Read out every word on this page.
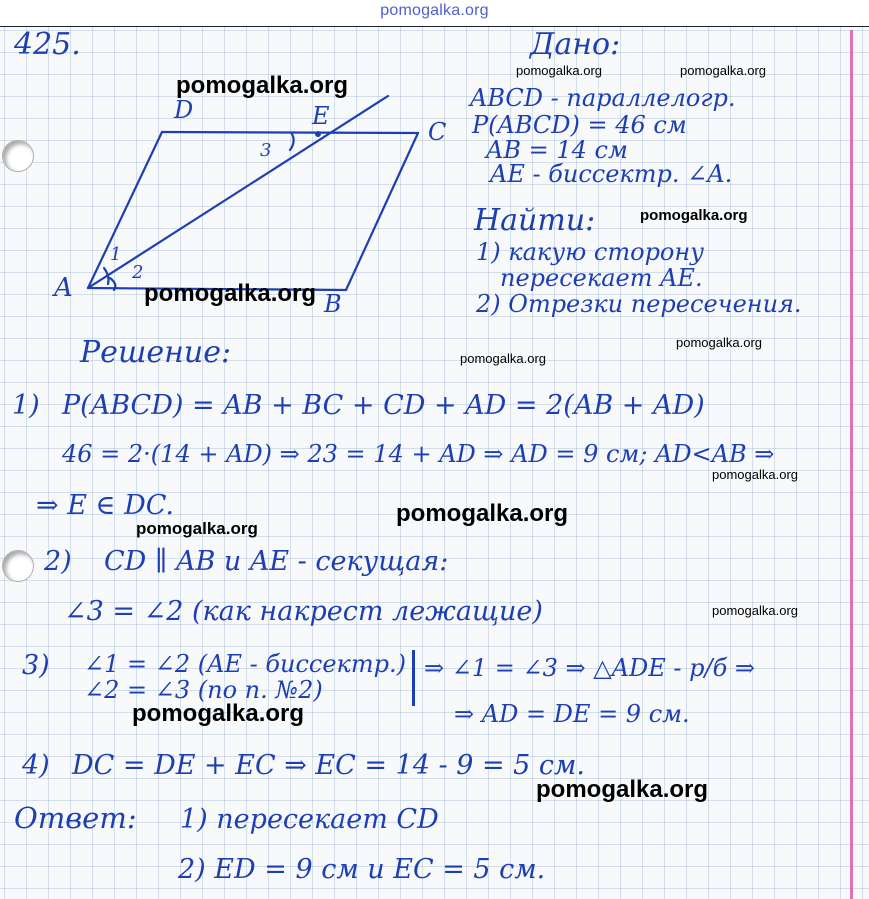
pomogalka.org
425.
D	E
C
A
B
1
2
3
Дано:
ABCD - параллелогр.
P(ABCD) = 46 см
AB = 14 см
AE - биссектр. ∠A.
Найти:
1) какую сторону
пересекает AE.
2) Отрезки пересечения.
Решение:
1) P(ABCD) = AB + BC + CD + AD = 2(AB + AD)
46 = 2·(14 + AD) ⇒ 23 = 14 + AD ⇒ AD = 9 см; AD<AB ⇒
⇒ E ∈ DC.
2) CD ∥ AB и AE - секущая:
∠3 = ∠2 (как накрест лежащие)
3) ∠1 = ∠2 (AE - биссектр.)
∠2 = ∠3 (по п. №2)
⇒ ∠1 = ∠3 ⇒ △ADE - р/б ⇒
⇒ AD = DE = 9 см.
4) DC = DE + EC ⇒ EC = 14 - 9 = 5 см.
Ответ: 1) пересекает CD
2) ED = 9 см и EC = 5 см.
pomogalka.org
pomogalka.org
pomogalka.org
pomogalka.org
pomogalka.org
pomogalka.org	pomogalka.org
pomogalka.org
pomogalka.org
pomogalka.org
pomogalka.org
pomogalka.org
pomogalka.org
